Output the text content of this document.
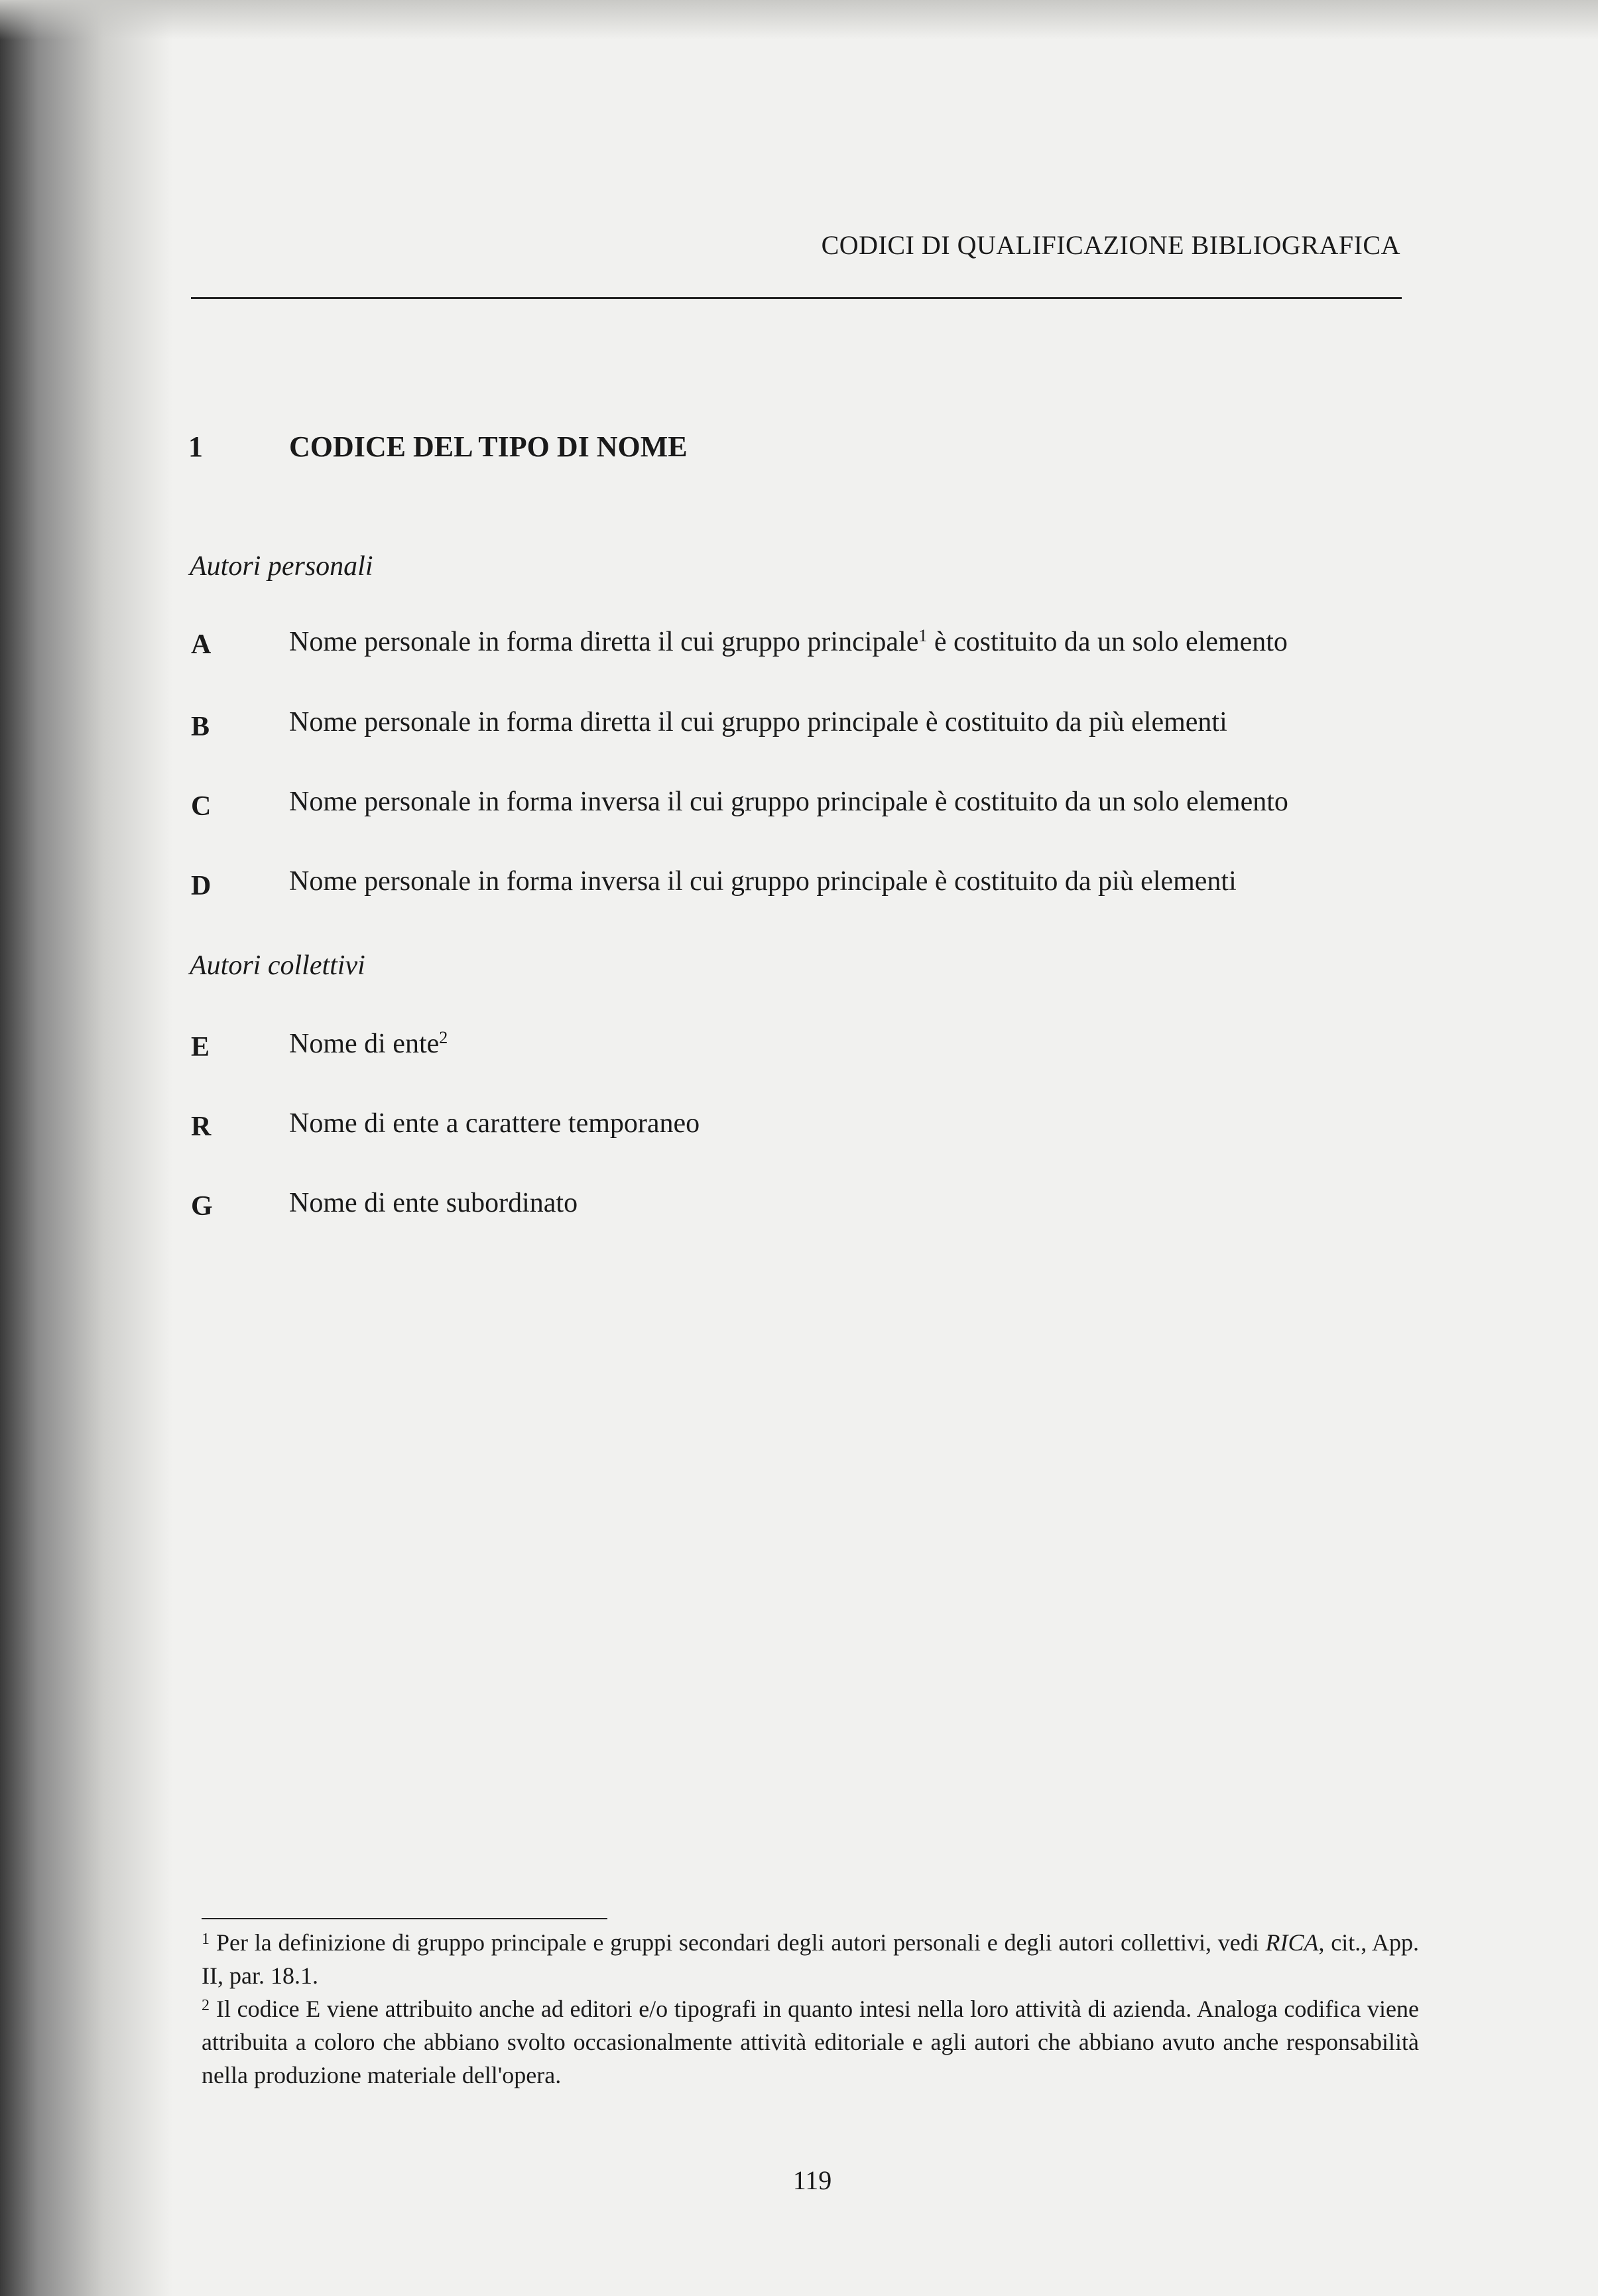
CODICI DI QUALIFICAZIONE BIBLIOGRAFICA
1	CODICE DEL TIPO DI NOME
Autori personali
A	Nome personale in forma diretta il cui gruppo principale$^1$ è costituito da un solo elemento
B	Nome personale in forma diretta il cui gruppo principale è costituito da più elementi
C	Nome personale in forma inversa il cui gruppo principale è costituito da un solo elemento
D	Nome personale in forma inversa il cui gruppo principale è costituito da più elementi
Autori collettivi
E	Nome di ente$^2$
R	Nome di ente a carattere temporaneo
G	Nome di ente subordinato

$^1$ Per la definizione di gruppo principale e gruppi secondari degli autori personali e degli autori collettivi, vedi RICA, cit., App. II, par. 18.1.

$^2$ Il codice E viene attribuito anche ad editori e/o tipografi in quanto intesi nella loro attività di azienda. Analoga codifica viene attribuita a coloro che abbiano svolto occasionalmente attività editoriale e agli autori che abbiano avuto anche responsabilità nella produzione materiale dell'opera.

119
